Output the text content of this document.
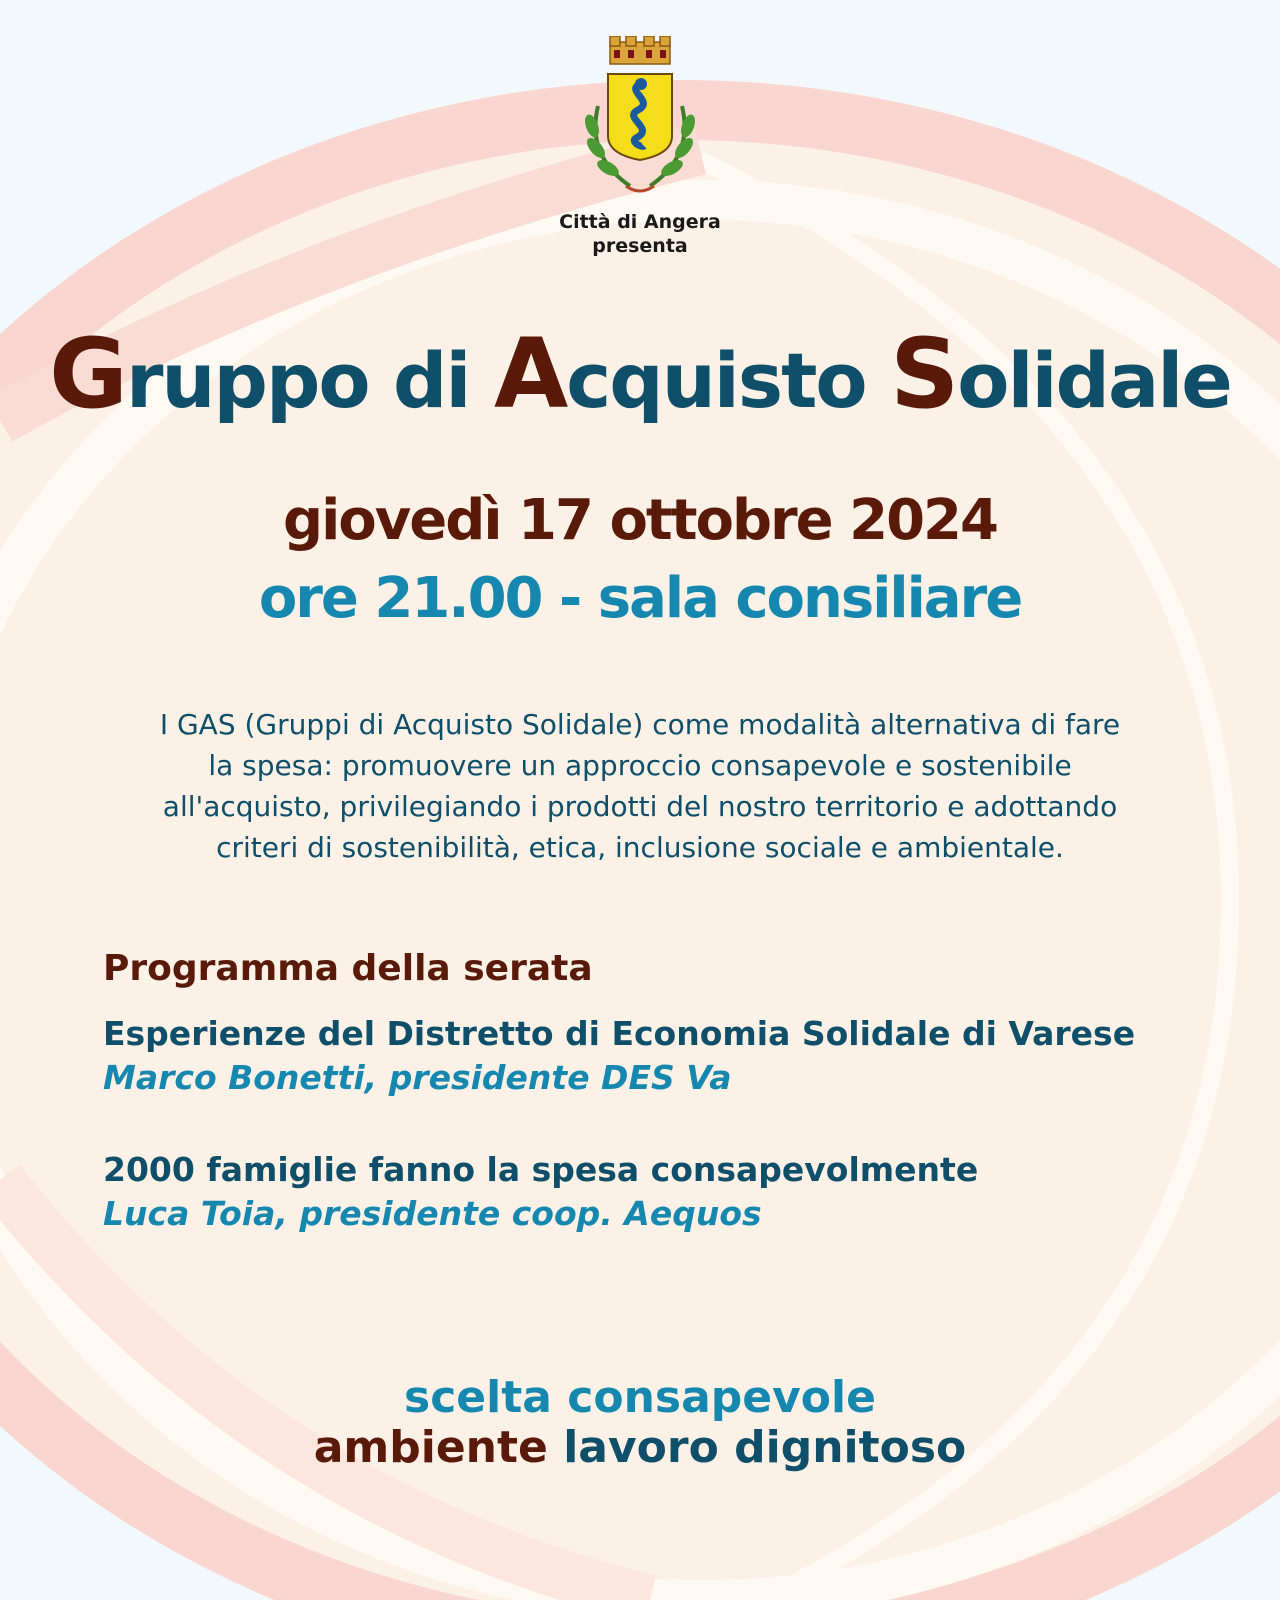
Città di Angera
presenta
Gruppo di Acquisto Solidale
giovedì 17 ottobre 2024
ore 21.00 - sala consiliare
I GAS (Gruppi di Acquisto Solidale) come modalità alternativa di fare
la spesa: promuovere un approccio consapevole e sostenibile
all'acquisto, privilegiando i prodotti del nostro territorio e adottando
criteri di sostenibilità, etica, inclusione sociale e ambientale.
Programma della serata
Esperienze del Distretto di Economia Solidale di Varese
Marco Bonetti, presidente DES Va
2000 famiglie fanno la spesa consapevolmente
Luca Toia, presidente coop. Aequos
scelta consapevole
ambiente lavoro dignitoso
